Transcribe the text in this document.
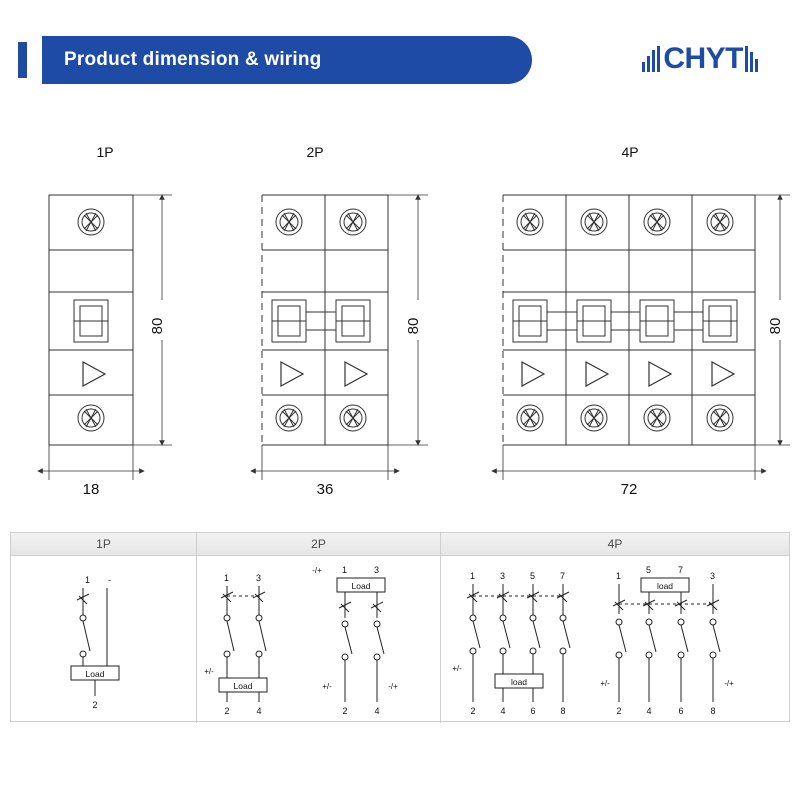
Product dimension & wiring	CHYT
1P	2P	4P
80
18
80
36
80
72
1P	2P	4P
1 -
2
Load
1	3
2	4
+/-
Load
1	3
2	4
Load
-/+
+/-	-/+
1	3	5	7
2	4	6	8
+/-
load
5	7
1	3
2	4	6	8
load
+/-	-/+
